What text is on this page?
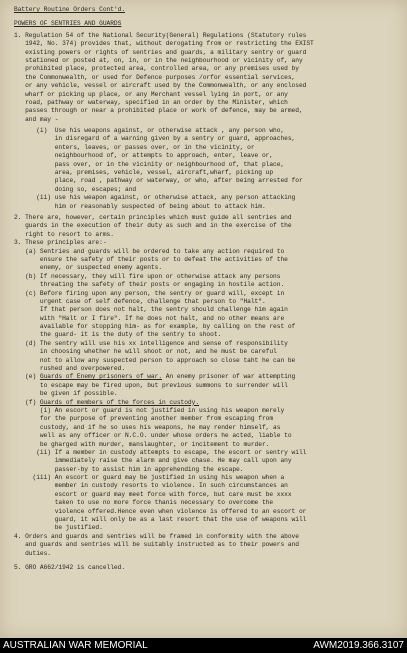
Battery Routine Orders Cont'd.
POWERS OF SENTRIES AND GUARDS
1. Regulation 54 of the National Security(General) Regulations (Statutory rules
1942, No. 374) provides that, without derogating from or restricting the EXIST
existing powers or rights of sentries and guards, a military sentry or guard
stationed or posted at, on, in, or in the neighbourhood or vicinity of, any
prohibited place, protected area, controlled area, or any premises used by
the Commonwealth, or used for Defence purposes /orfor essential services,
or any vehicle, vessel or aircraft used by the Commonwealth, or any enclosed
wharf or picking up place, or any Merchant vessel lying in port, or any
road, pathway or waterway, specified in an order by the Minister, which
passes through or near a prohibited place or work of defence, may be armed,
and may -
(i)  Use his weapons against, or otherwise attack , any person who,
in disregard of a warning given by a sentry or guard, approaches,
enters, leaves, or passes over, or in the vicinity, or
neighbourhood of, or attempts to approach, enter, leave or,
pass over, or in the vicinity or neighbourhood of, that place,
area, premises, vehicle, vessel, aircraft,wharf, picking up
place, road , pathway or waterway, or who, after being arrested for
doing so, escapes; and
(ii) use his weapon against, or otherwise attack, any person attacking
him or reasonably suspected of being about to attack him.
2. There are, however, certain principles which must guide all sentries and
guards in the execution of their duty as such and in the exercise of the
right to resort to arms.
3. These principles are:-
(a) Sentries and guards will be ordered to take any action required to
ensure the safety of their posts or to defeat the activities of the
enemy, or suspected enemy agents.
(b) If necessary, they will fire upon or otherwise attack any persons
threating the safety of their posts or engaging in hostile action.
(c) Before firing upon any person, the sentry or guard will, except in
urgent case of self defence, challenge that person to "Halt".
If that person does not halt, the sentry should challenge him again
with "Halt or I fire". If he does not halt, and no other means are
available for stopping him- as for example, by calling on the rest of
the guard- it is the duty of the sentry to shoot.
(d) The sentry will use his xx intelligence and sense of responsibility
in choosing whether he will shoot or not, and he must be careful
not to allow any suspected person to approach so close taht he can be
rushed and overpowered.
(e) Guards of Enemy prisoners of war. An enemy prisoner of war attempting
to escape may be fired upon, but previous summons to surrender will
be given if possible.
(f) Guards of members of the forces in custody.
(i) An escort or guard is not justified in using his weapon merely
for the purpose of preventing another member from escaping from
custody, and if he so uses his weapons, he may render himself, as
well as any officer or N.C.O. under whose orders he acted, liable to
be gharged with murder, manslaughter, or incitement to murder.
(ii) If a member in custody attempts to escape, the escort or sentry will
immediately raise the alarm and give chase. He may call upon any
passer-by to assist him in apprehending the escape.
(iii) An escort or guard may be justified in using his weapon when a
member in custody resorts to violence. In such circumstances an
escort or guard may meet force with force, but care must be xxxx
taken to use no more force thanis necessary to overcome the
violence offered.Hence even when violence is offered to an escort or
guard, it will only be as a last resort that the use of weapons will
be justified.
4. Orders and guards and sentries will be framed in conformity with the above
and guards and sentries will be suitably instructed as to their powers and
duties.
5. GRO A662/1942 is cancelled.
AUSTRALIAN WAR MEMORIAL	AWM2019.366.3107
